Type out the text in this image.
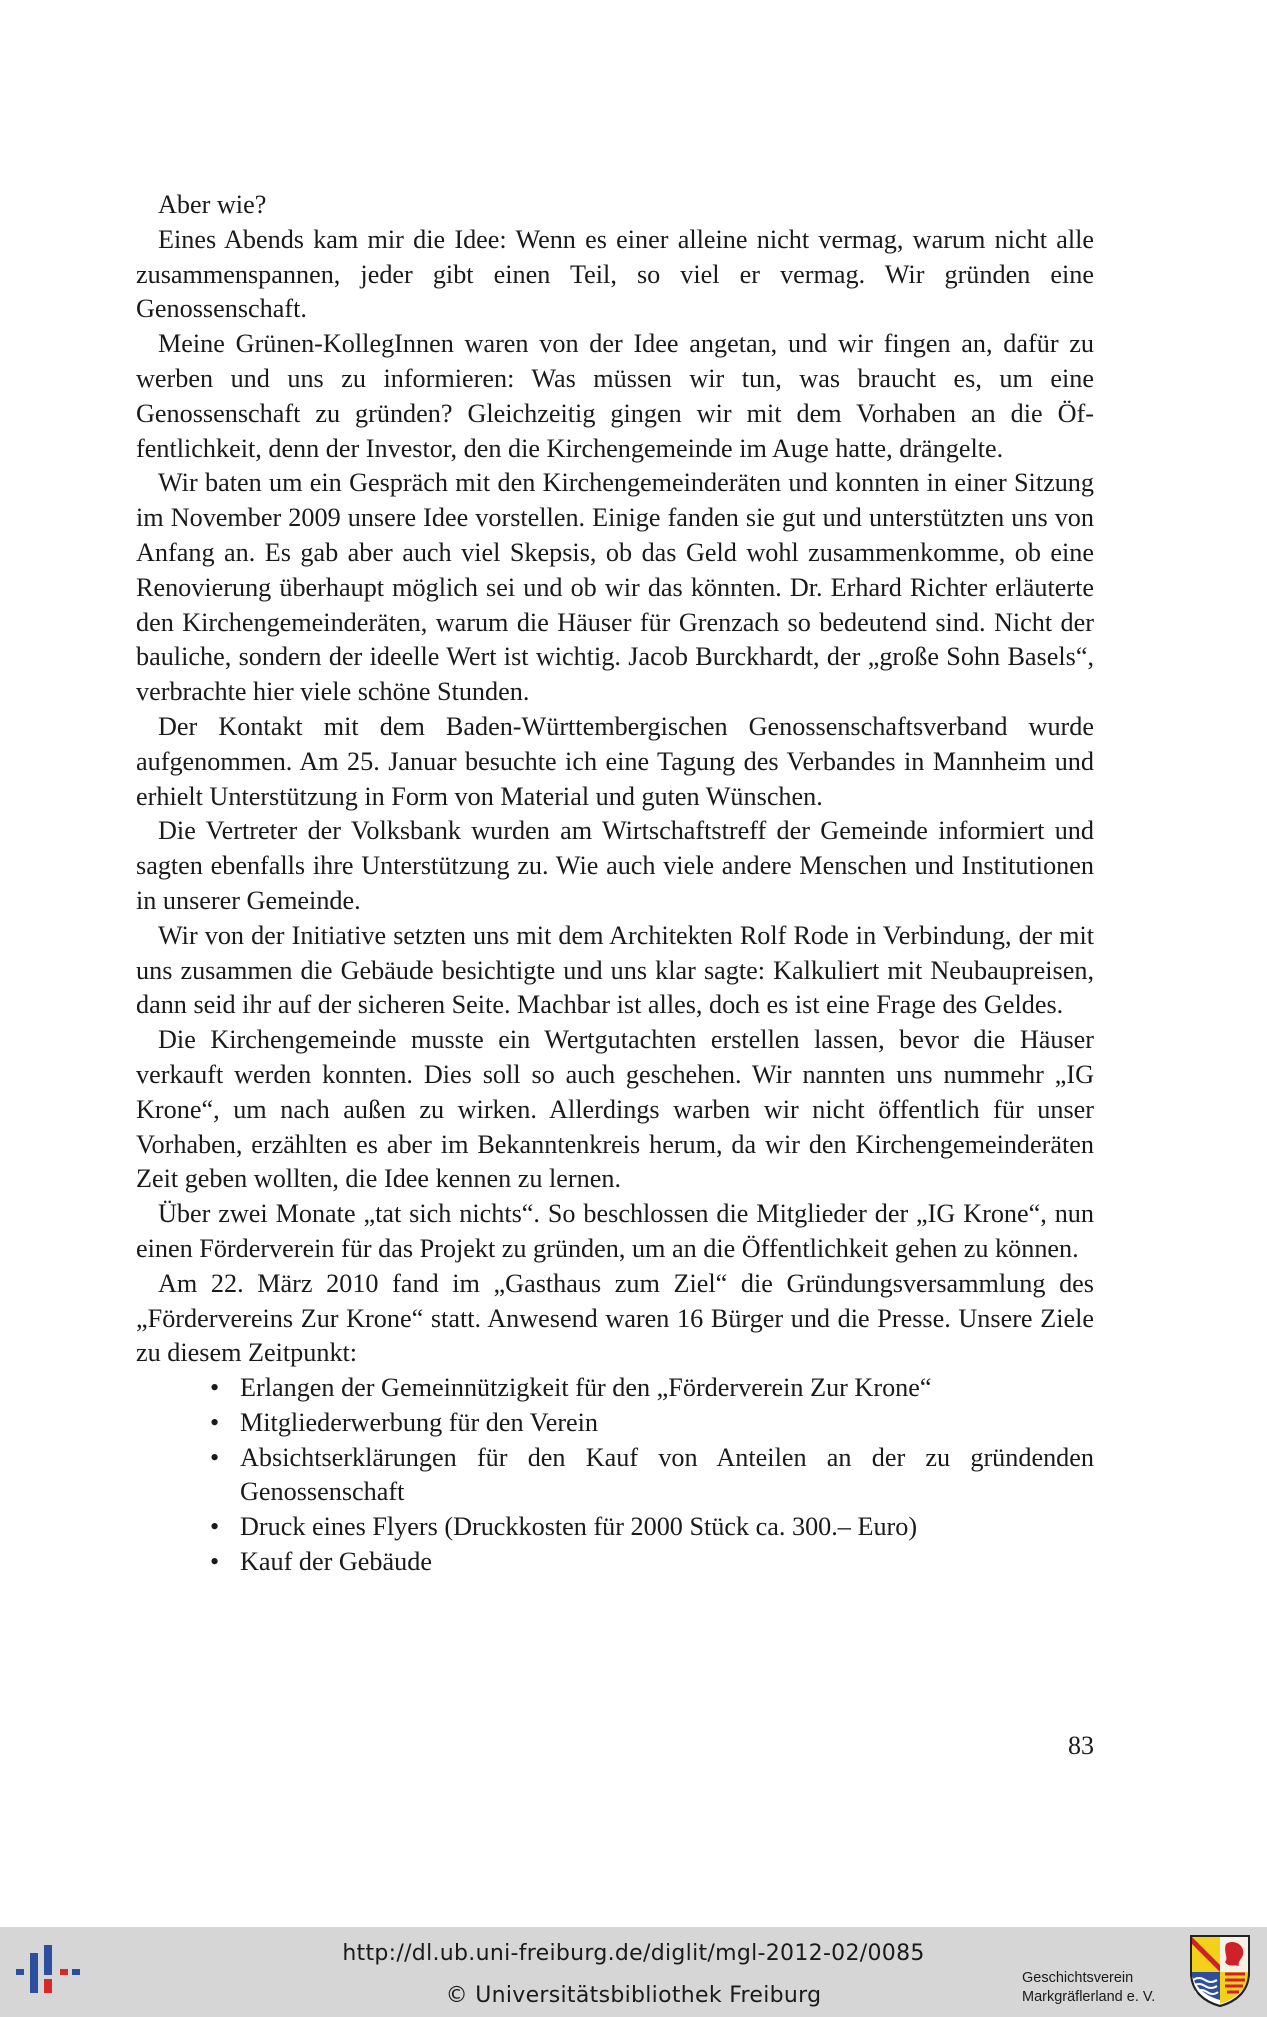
Aber wie?

Eines Abends kam mir die Idee: Wenn es einer alleine nicht vermag, warum nicht alle zusammenspannen, jeder gibt einen Teil, so viel er vermag. Wir gründen eine Genossenschaft.

Meine Grünen-KollegInnen waren von der Idee angetan, und wir fingen an, dafür zu werben und uns zu informieren: Was müssen wir tun, was braucht es, um eine Genossenschaft zu gründen? Gleichzeitig gingen wir mit dem Vorhaben an die Öffentlichkeit, denn der Investor, den die Kirchengemeinde im Auge hatte, drängelte.

Wir baten um ein Gespräch mit den Kirchengemeinderäten und konnten in einer Sitzung im November 2009 unsere Idee vorstellen. Einige fanden sie gut und unterstützten uns von Anfang an. Es gab aber auch viel Skepsis, ob das Geld wohl zusammenkomme, ob eine Renovierung überhaupt möglich sei und ob wir das könnten. Dr. Erhard Richter erläuterte den Kirchengemeinderäten, warum die Häuser für Grenzach so bedeutend sind. Nicht der bauliche, sondern der ideelle Wert ist wichtig. Jacob Burckhardt, der „große Sohn Basels“, verbrachte hier viele schöne Stunden.

Der Kontakt mit dem Baden-Württembergischen Genossenschaftsverband wurde aufgenommen. Am 25. Januar besuchte ich eine Tagung des Verbandes in Mannheim und erhielt Unterstützung in Form von Material und guten Wünschen.

Die Vertreter der Volksbank wurden am Wirtschaftstreff der Gemeinde informiert und sagten ebenfalls ihre Unterstützung zu. Wie auch viele andere Menschen und Institutionen in unserer Gemeinde.

Wir von der Initiative setzten uns mit dem Architekten Rolf Rode in Verbindung, der mit uns zusammen die Gebäude besichtigte und uns klar sagte: Kalkuliert mit Neubaupreisen, dann seid ihr auf der sicheren Seite. Machbar ist alles, doch es ist eine Frage des Geldes.

Die Kirchengemeinde musste ein Wertgutachten erstellen lassen, bevor die Häuser verkauft werden konnten. Dies soll so auch geschehen. Wir nannten uns nummehr „IG Krone“, um nach außen zu wirken. Allerdings warben wir nicht öffentlich für unser Vorhaben, erzählten es aber im Bekanntenkreis herum, da wir den Kirchengemeinderäten Zeit geben wollten, die Idee kennen zu lernen.

Über zwei Monate „tat sich nichts“. So beschlossen die Mitglieder der „IG Krone“, nun einen Förderverein für das Projekt zu gründen, um an die Öffentlichkeit gehen zu können.

Am 22. März 2010 fand im „Gasthaus zum Ziel“ die Gründungsversammlung des „Fördervereins Zur Krone“ statt. Anwesend waren 16 Bürger und die Presse. Unsere Ziele zu diesem Zeitpunkt:

• Erlangen der Gemeinnützigkeit für den „Förderverein Zur Krone“
• Mitgliederwerbung für den Verein
• Absichtserklärungen für den Kauf von Anteilen an der zu gründenden Genossenschaft
• Druck eines Flyers (Druckkosten für 2000 Stück ca. 300.– Euro)
• Kauf der Gebäude
83
http://dl.ub.uni-freiburg.de/diglit/mgl-2012-02/0085
© Universitätsbibliothek Freiburg
Geschichtsverein
Markgräflerland e. V.
